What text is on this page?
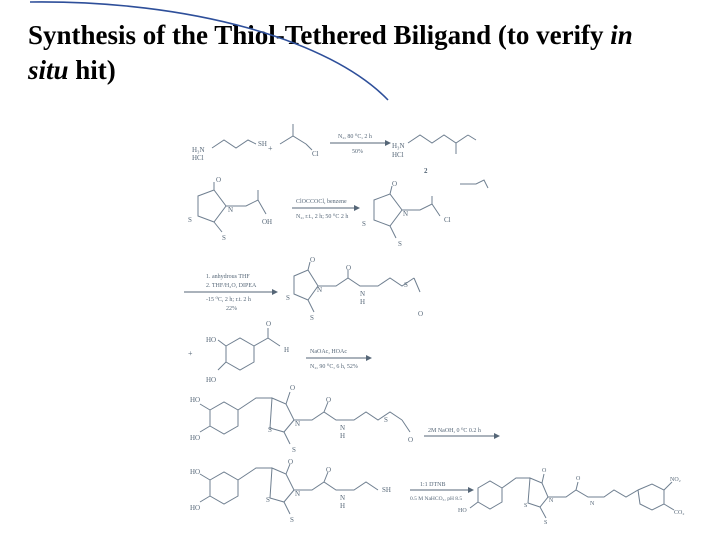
Synthesis of the Thiol-Tethered Biligand (to verify in situ hit)
SH
H₃N
HCl
+
Cl
N₂, 80 ⁰C, 2 h
50%
H₃N
HCl
2
O
S
N
OH
S
ClOCCOCl, benzene
N₂, r.t., 2 h; 50 ⁰C 2 h
O
S
N
Cl
S
1. anhydrous THF
2. THF/H₂O, DIPEA
-15 ⁰C, 2 h; r.t. 2 h
22%
O
S
N
O
N
H
S
S	O
+
HO
O
H
HO
NaOAc, HOAc
N₂, 90 ⁰C, 6 h, 52%
HO
HO
O
S
N
O
N
H
S
O
S
2M NaOH, 0 ⁰C 0.2 h
HO
HO
O
S
N
O
N
H
SH
S
1:1 DTNB
0.5 M NaHCO₃, pH 8.5
NO₂
CO₂
HO
O
S
N
O
N
S
